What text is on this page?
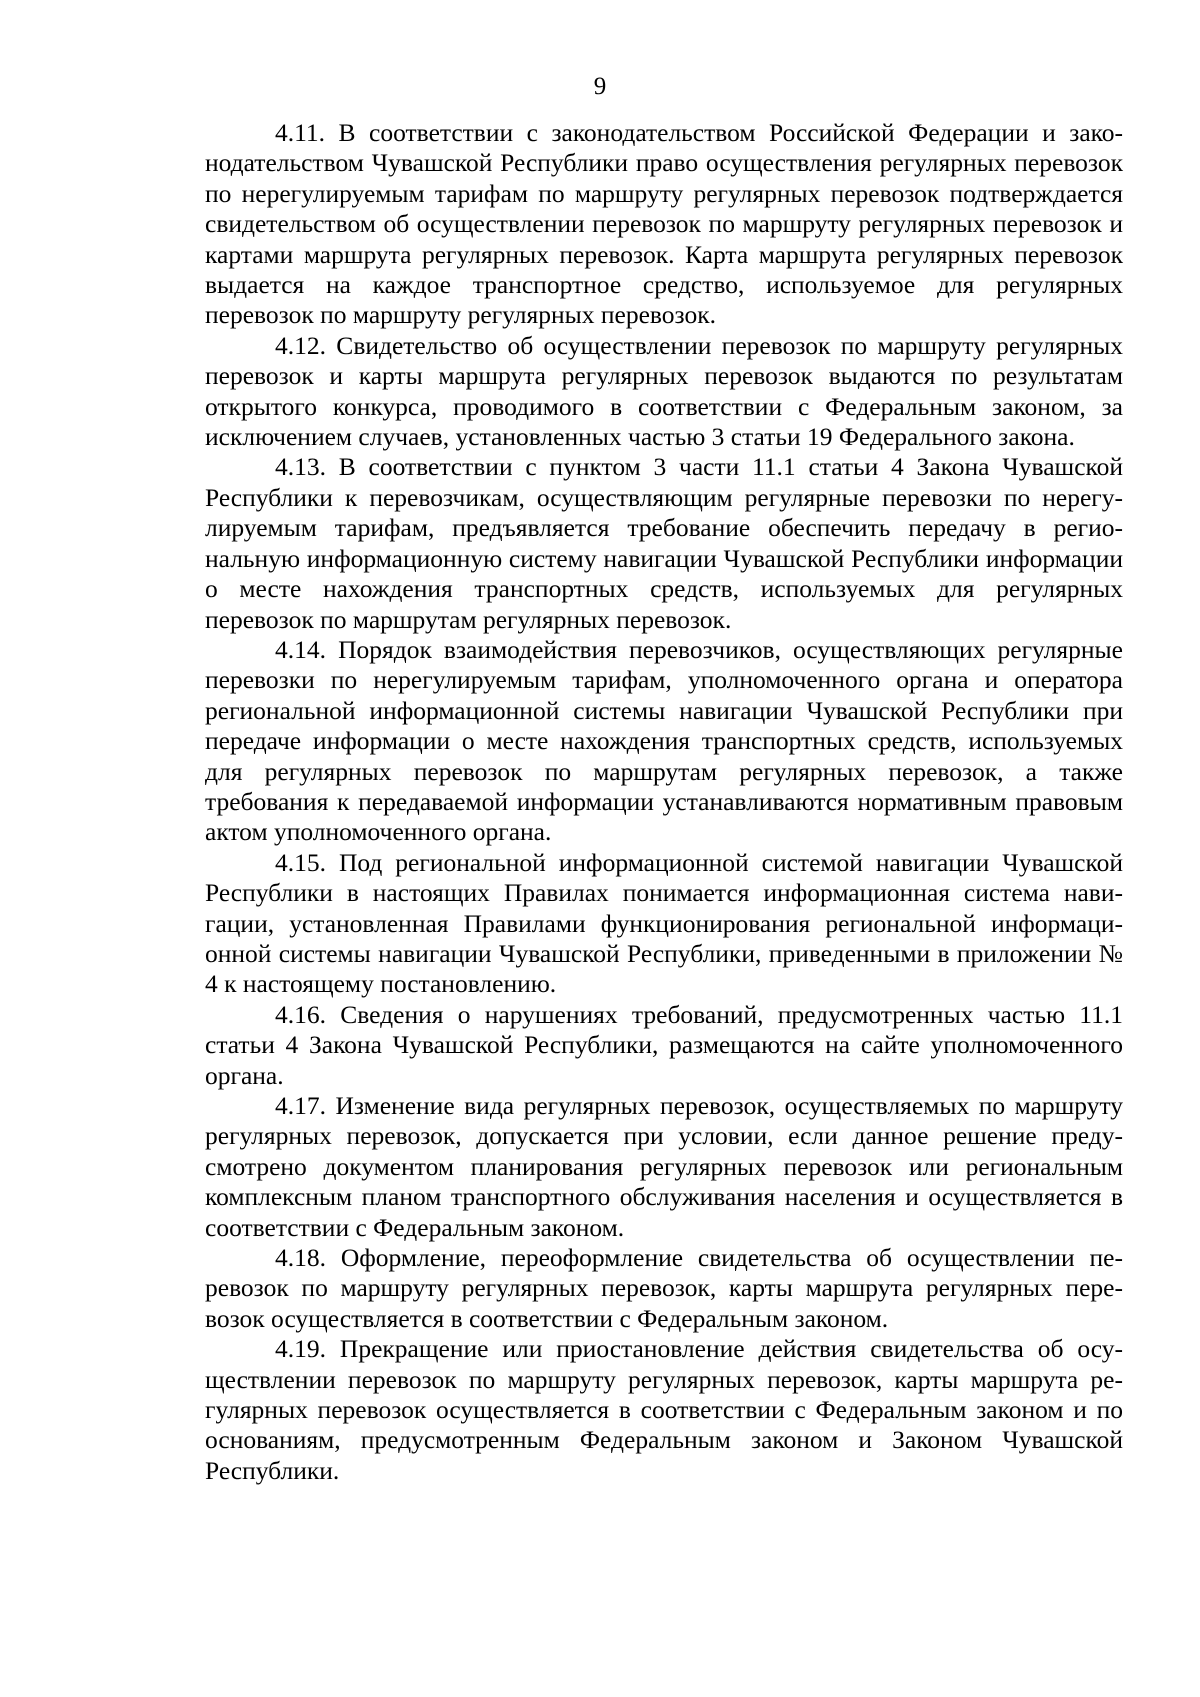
9

4.11. В соответствии с законодательством Российской Федерации и законодательством Чувашской Республики право осуществления регулярных перевозок по нерегулируемым тарифам по маршруту регулярных перевозок подтверждается свидетельством об осуществлении перевозок по маршруту регулярных перевозок и картами маршрута регулярных перевозок. Карта маршрута регулярных перевозок выдается на каждое транспортное средство, используемое для регулярных перевозок по маршруту регулярных перевозок.

4.12. Свидетельство об осуществлении перевозок по маршруту регулярных перевозок и карты маршрута регулярных перевозок выдаются по результатам открытого конкурса, проводимого в соответствии с Федеральным законом, за исключением случаев, установленных частью 3 статьи 19 Федерального закона.

4.13. В соответствии с пунктом 3 части 11.1 статьи 4 Закона Чувашской Республики к перевозчикам, осуществляющим регулярные перевозки по нерегулируемым тарифам, предъявляется требование обеспечить передачу в региональную информационную систему навигации Чувашской Республики информации о месте нахождения транспортных средств, используемых для регулярных перевозок по маршрутам регулярных перевозок.

4.14. Порядок взаимодействия перевозчиков, осуществляющих регулярные перевозки по нерегулируемым тарифам, уполномоченного органа и оператора региональной информационной системы навигации Чувашской Республики при передаче информации о месте нахождения транспортных средств, используемых для регулярных перевозок по маршрутам регулярных перевозок, а также требования к передаваемой информации устанавливаются нормативным правовым актом уполномоченного органа.

4.15. Под региональной информационной системой навигации Чувашской Республики в настоящих Правилах понимается информационная система навигации, установленная Правилами функционирования региональной информационной системы навигации Чувашской Республики, приведенными в приложении № 4 к настоящему постановлению.

4.16. Сведения о нарушениях требований, предусмотренных частью 11.1 статьи 4 Закона Чувашской Республики, размещаются на сайте уполномоченного органа.

4.17. Изменение вида регулярных перевозок, осуществляемых по маршруту регулярных перевозок, допускается при условии, если данное решение предусмотрено документом планирования регулярных перевозок или региональным комплексным планом транспортного обслуживания населения и осуществляется в соответствии с Федеральным законом.

4.18. Оформление, переоформление свидетельства об осуществлении перевозок по маршруту регулярных перевозок, карты маршрута регулярных перевозок осуществляется в соответствии с Федеральным законом.

4.19. Прекращение или приостановление действия свидетельства об осуществлении перевозок по маршруту регулярных перевозок, карты маршрута регулярных перевозок осуществляется в соответствии с Федеральным законом и по основаниям, предусмотренным Федеральным законом и Законом Чувашской Республики.
